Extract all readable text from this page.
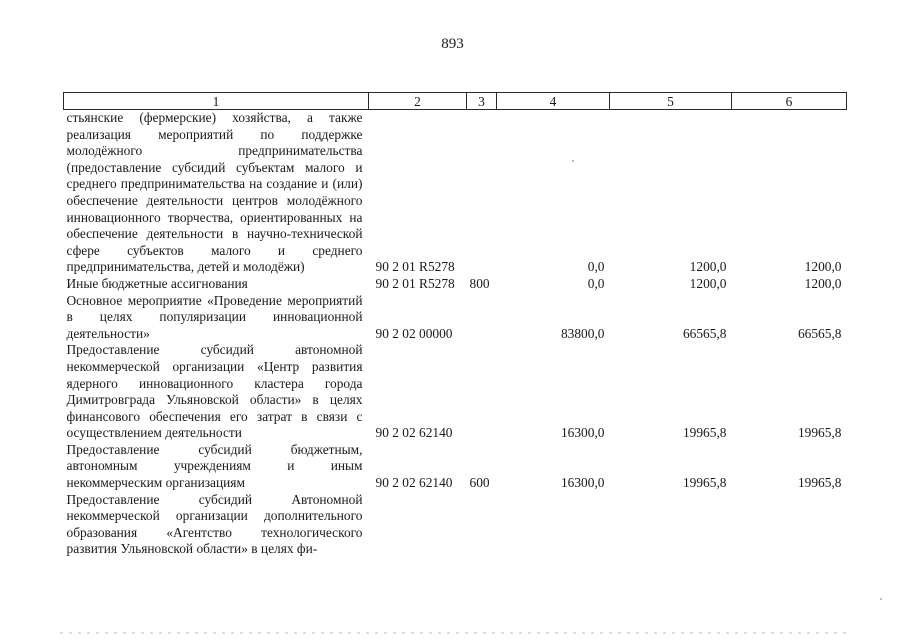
893
1	2	3	4	5	6
стьянские (фермерские) хозяйства, а также реализация мероприятий по поддержке молодёжного предпринимательства (предоставление субсидий субъектам малого и среднего предпринимательства на создание и (или) обеспечение деятельности центров молодёжного инновационного творчества, ориентированных на обеспечение деятельности в научно-технической сфере субъектов малого и среднего предпринимательства, детей и молодёжи)	90 2 01 R5278		0,0	1200,0	1200,0
Иные бюджетные ассигнования	90 2 01 R5278	800	0,0	1200,0	1200,0
Основное мероприятие «Проведение мероприятий в целях популяризации инновационной деятельности»	90 2 02 00000		83800,0	66565,8	66565,8
Предоставление субсидий автономной некоммерческой организации «Центр развития ядерного инновационного кластера города Димитровграда Ульяновской области» в целях финансового обеспечения его затрат в связи с осуществлением деятельности	90 2 02 62140		16300,0	19965,8	19965,8
Предоставление субсидий бюджетным, автономным учреждениям и иным некоммерческим организациям	90 2 02 62140	600	16300,0	19965,8	19965,8
Предоставление субсидий Автономной некоммерческой организации дополнительного образования «Агентство технологического развития Ульяновской области» в целях фи-					
